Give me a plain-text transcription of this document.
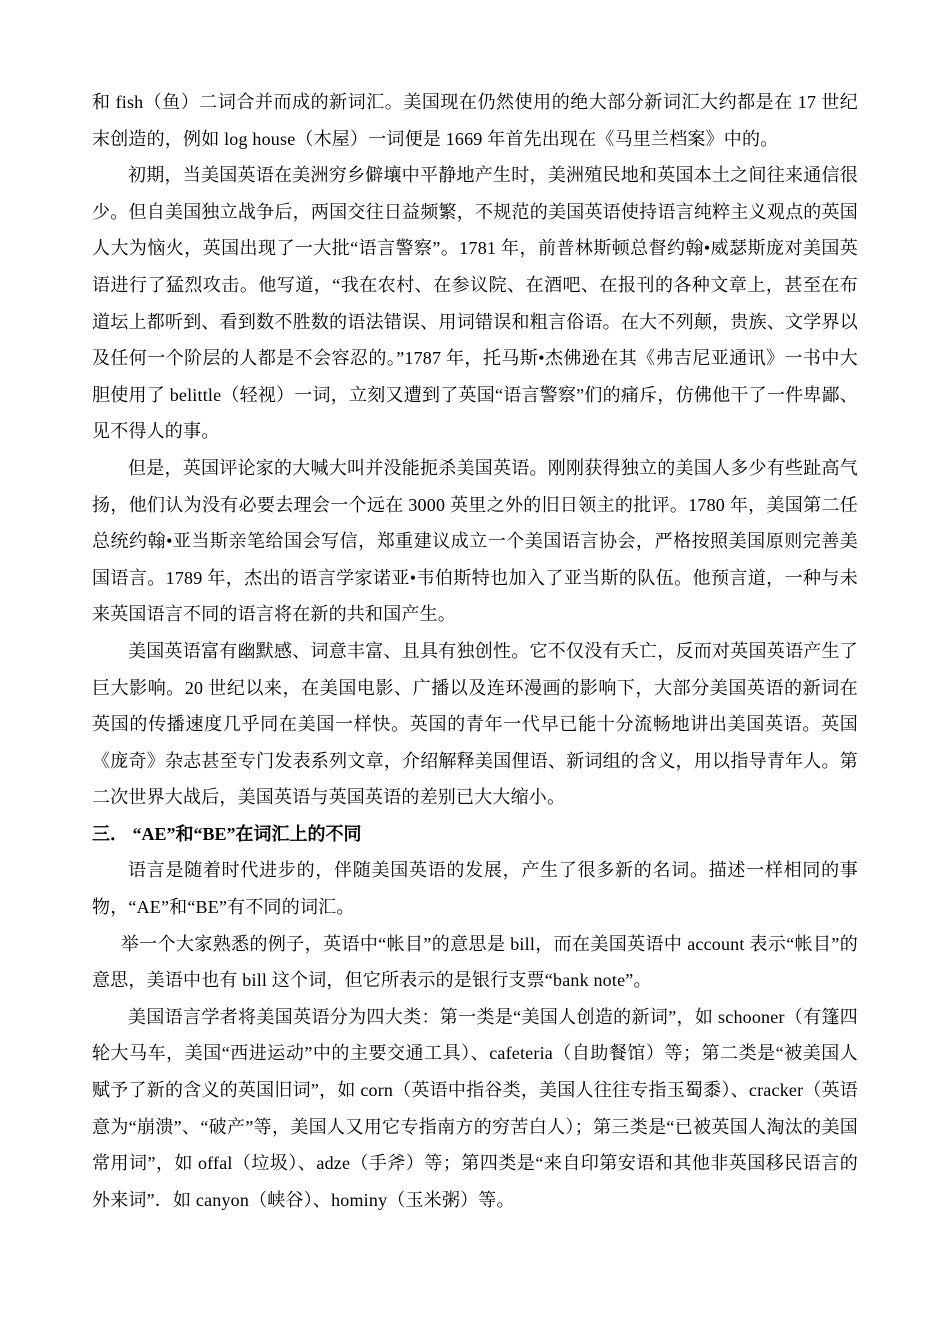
和 fish（鱼）二词合并而成的新词汇。美国现在仍然使用的绝大部分新词汇大约都是在 17 世纪末创造的，例如 log house（木屋）一词便是 1669 年首先出现在《马里兰档案》中的。

初期，当美国英语在美洲穷乡僻壤中平静地产生时，美洲殖民地和英国本土之间往来通信很少。但自美国独立战争后，两国交往日益频繁，不规范的美国英语使持语言纯粹主义观点的英国人大为恼火，英国出现了一大批“语言警察”。1781 年，前普林斯顿总督约翰•威瑟斯庞对美国英语进行了猛烈攻击。他写道，“我在农村、在参议院、在酒吧、在报刊的各种文章上，甚至在布道坛上都听到、看到数不胜数的语法错误、用词错误和粗言俗语。在大不列颠，贵族、文学界以及任何一个阶层的人都是不会容忍的。”1787 年，托马斯•杰佛逊在其《弗吉尼亚通讯》一书中大胆使用了 belittle（轻视）一词，立刻又遭到了英国“语言警察”们的痛斥，仿佛他干了一件卑鄙、见不得人的事。

但是，英国评论家的大喊大叫并没能扼杀美国英语。刚刚获得独立的美国人多少有些趾高气扬，他们认为没有必要去理会一个远在 3000 英里之外的旧日领主的批评。1780 年，美国第二任总统约翰•亚当斯亲笔给国会写信，郑重建议成立一个美国语言协会，严格按照美国原则完善美国语言。1789 年，杰出的语言学家诺亚•韦伯斯特也加入了亚当斯的队伍。他预言道，一种与未来英国语言不同的语言将在新的共和国产生。

美国英语富有幽默感、词意丰富、且具有独创性。它不仅没有夭亡，反而对英国英语产生了巨大影响。20 世纪以来，在美国电影、广播以及连环漫画的影响下，大部分美国英语的新词在英国的传播速度几乎同在美国一样快。英国的青年一代早已能十分流畅地讲出美国英语。英国《庞奇》杂志甚至专门发表系列文章，介绍解释美国俚语、新词组的含义，用以指导青年人。第二次世界大战后，美国英语与英国英语的差别已大大缩小。

三． “AE”和“BE”在词汇上的不同

语言是随着时代进步的，伴随美国英语的发展，产生了很多新的名词。描述一样相同的事物，“AE”和“BE”有不同的词汇。

举一个大家熟悉的例子，英语中“帐目”的意思是 bill，而在美国英语中 account 表示“帐目”的意思，美语中也有 bill 这个词，但它所表示的是银行支票“bank note”。

美国语言学者将美国英语分为四大类：第一类是“美国人创造的新词”，如 schooner（有篷四轮大马车，美国“西进运动”中的主要交通工具）、cafeteria（自助餐馆）等；第二类是“被美国人赋予了新的含义的英国旧词”，如 corn（英语中指谷类，美国人往往专指玉蜀黍）、cracker（英语意为“崩溃”、“破产”等，美国人又用它专指南方的穷苦白人）；第三类是“已被英国人淘汰的美国常用词”，如 offal（垃圾）、adze（手斧）等；第四类是“来自印第安语和其他非英国移民语言的外来词”．如 canyon（峡谷）、hominy（玉米粥）等。
